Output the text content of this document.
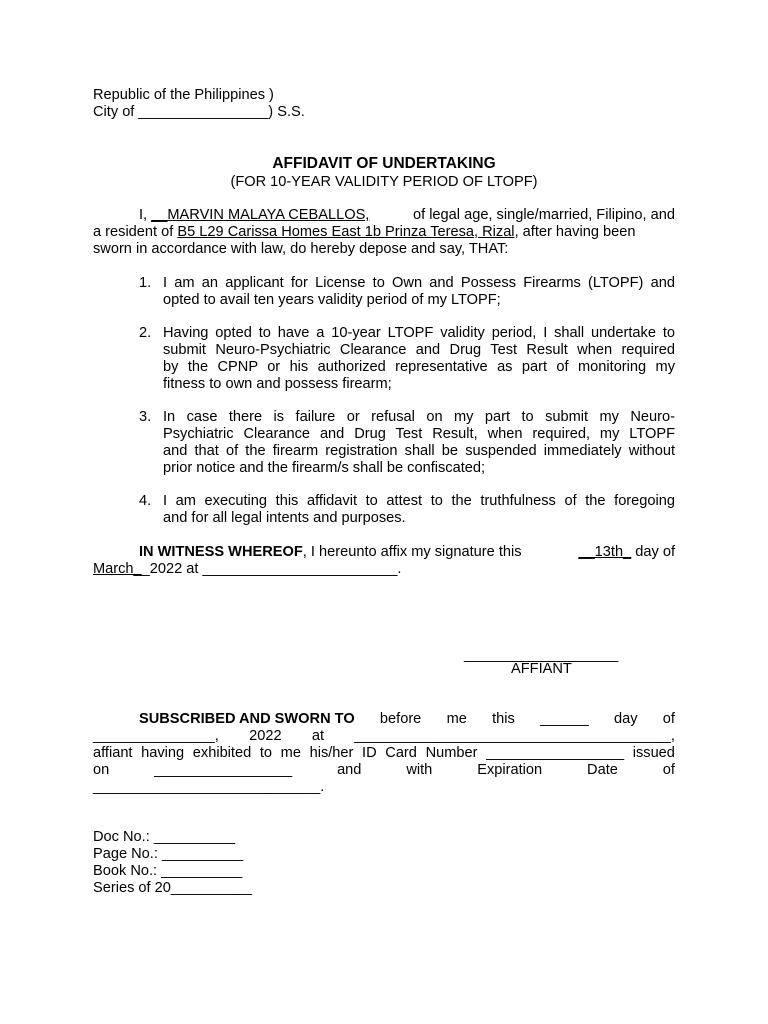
Republic of the Philippines )
City of ________________) S.S.
AFFIDAVIT OF UNDERTAKING
(FOR 10-YEAR VALIDITY PERIOD OF LTOPF)
I, __MARVIN MALAYA CEBALLOS,	of legal age, single/married, Filipino, and
a resident of B5 L29 Carissa Homes East 1b Prinza Teresa, Rizal, after having been
sworn in accordance with law, do hereby depose and say, THAT:
1. I am an applicant for License to Own and Possess Firearms (LTOPF) and
opted to avail ten years validity period of my LTOPF;
2. Having opted to have a 10-year LTOPF validity period, I shall undertake to
submit Neuro-Psychiatric Clearance and Drug Test Result when required
by the CPNP or his authorized representative as part of monitoring my
fitness to own and possess firearm;
3. In case there is failure or refusal on my part to submit my Neuro-
Psychiatric Clearance and Drug Test Result, when required, my LTOPF
and that of the firearm registration shall be suspended immediately without
prior notice and the firearm/s shall be confiscated;
4. I am executing this affidavit to attest to the truthfulness of the foregoing
and for all legal intents and purposes.
IN WITNESS WHEREOF, I hereunto affix my signature this	__13th_ day of
March__2022 at ________________________.
___________________
AFFIANT
SUBSCRIBED AND SWORN TO before me this ______ day of
_______________, 2022 at _______________________________________,
affiant having exhibited to me his/her ID Card Number _________________ issued
on	_________________	and	with	Expiration	Date	of
____________________________.
Doc No.: __________
Page No.: __________
Book No.: __________
Series of 20__________
